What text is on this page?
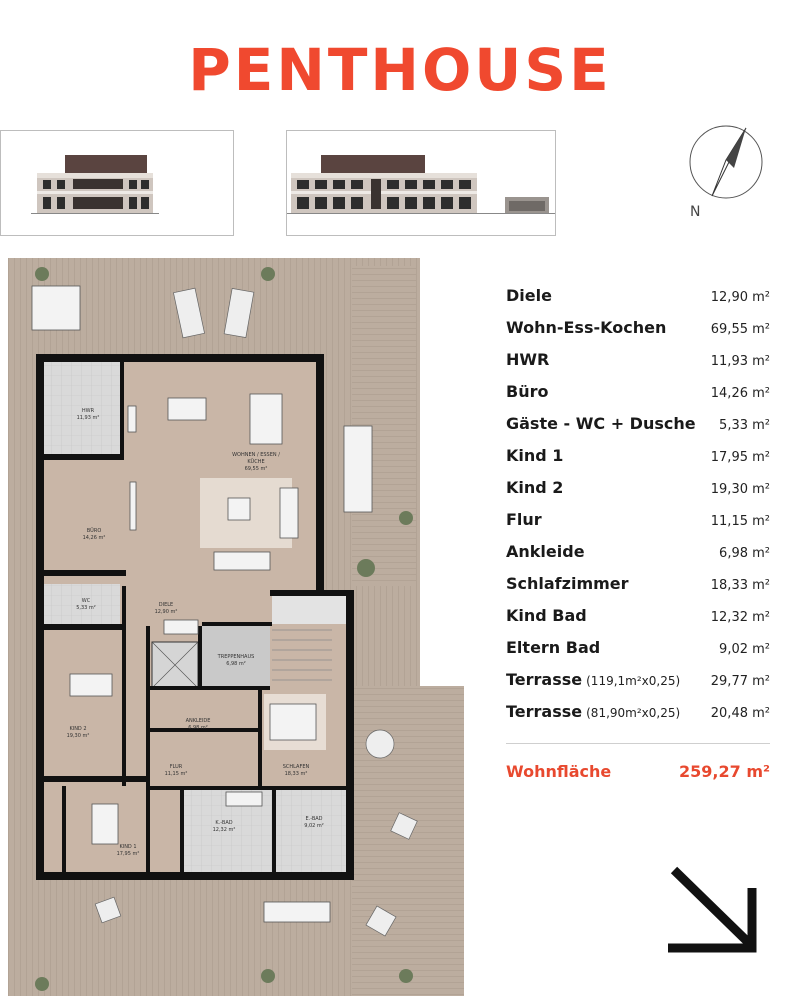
PENTHOUSE
N
HWR
11,93 m²
WOHNEN / ESSEN /
KÜCHE
69,55 m²
BÜRO
14,26 m²
WC
5,33 m²	DIELE
12,90 m²
TREPPENHAUS
6,98 m²
KIND 2
19,30 m²
ANKLEIDE
6,98 m²
SCHLAFEN
18,33 m²
FLUR
11,15 m²
K.-BAD
12,32 m²
E.-BAD
9,02 m²
KIND 1
17,95 m²
Diele	12,90 m²
Wohn-Ess-Kochen	69,55 m²
HWR	11,93 m²
Büro	14,26 m²
Gäste - WC + Dusche 5,33 m²
Kind 1	17,95 m²
Kind 2	19,30 m²
Flur	11,15 m²
Ankleide	6,98 m²
Schlafzimmer	18,33 m²
Kind Bad	12,32 m²
Eltern Bad	9,02 m²
Terrasse (119,1m²x0,25) 29,77 m²
Terrasse (81,90m²x0,25) 20,48 m²
Wohnfläche	259,27 m²
